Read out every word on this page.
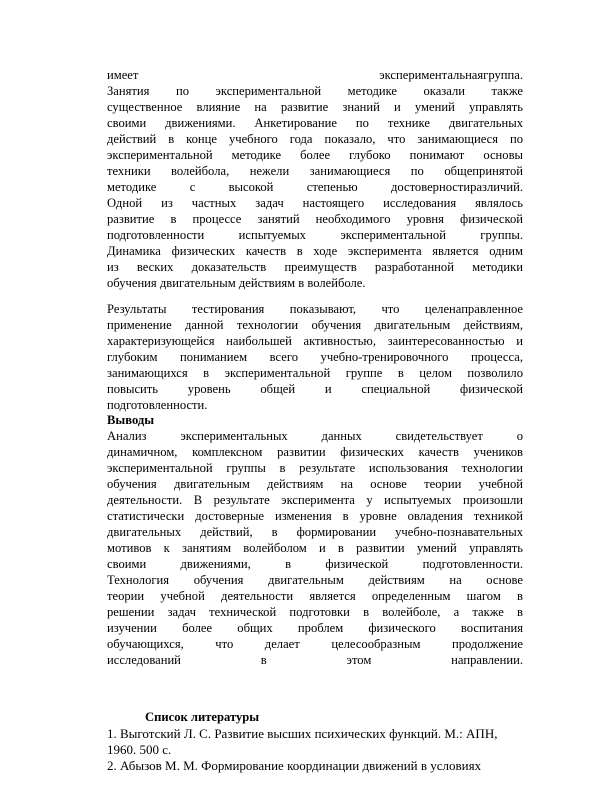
имеет экспериментальнаягруппа.
Занятия по экспериментальной методике оказали также
существенное влияние на развитие знаний и умений управлять
своими движениями. Анкетирование по технике двигательных
действий в конце учебного года показало, что занимающиеся по
экспериментальной методике более глубоко понимают основы
техники волейбола, нежели занимающиеся по общепринятой
методике с высокой степенью достоверностиразличий.
Одной из частных задач настоящего исследования являлось
развитие в процессе занятий необходимого уровня физической
подготовленности испытуемых экспериментальной группы.
Динамика физических качеств в ходе эксперимента является одним
из веских доказательств преимуществ разработанной методики
обучения двигательным действиям в волейболе.
Результаты тестирования показывают, что целенаправленное
применение данной технологии обучения двигательным действиям,
характеризующейся наибольшей активностью, заинтересованностью и
глубоким пониманием всего учебно-тренировочного процесса,
занимающихся в экспериментальной группе в целом позволило
повысить уровень общей и специальной физической
подготовленности.
Выводы
Анализ экспериментальных данных свидетельствует о
динамичном, комплексном развитии физических качеств учеников
экспериментальной группы в результате использования технологии
обучения двигательным действиям на основе теории учебной
деятельности. В результате эксперимента у испытуемых произошли
статистически достоверные изменения в уровне овладения техникой
двигательных действий, в формировании учебно-познавательных
мотивов к занятиям волейболом и в развитии умений управлять
своими движениями, в физической подготовленности.
Технология обучения двигательным действиям на основе
теории учебной деятельности является определенным шагом в
решении задач технической подготовки в волейболе, а также в
изучении более общих проблем физического воспитания
обучающихся, что делает целесообразным продолжение
исследований в этом направлении.
Список литературы
1. Выготский Л. С. Развитие высших психических функций. М.: АПН,
1960. 500 с.
2. Абызов М. М. Формирование координации движений в условиях
